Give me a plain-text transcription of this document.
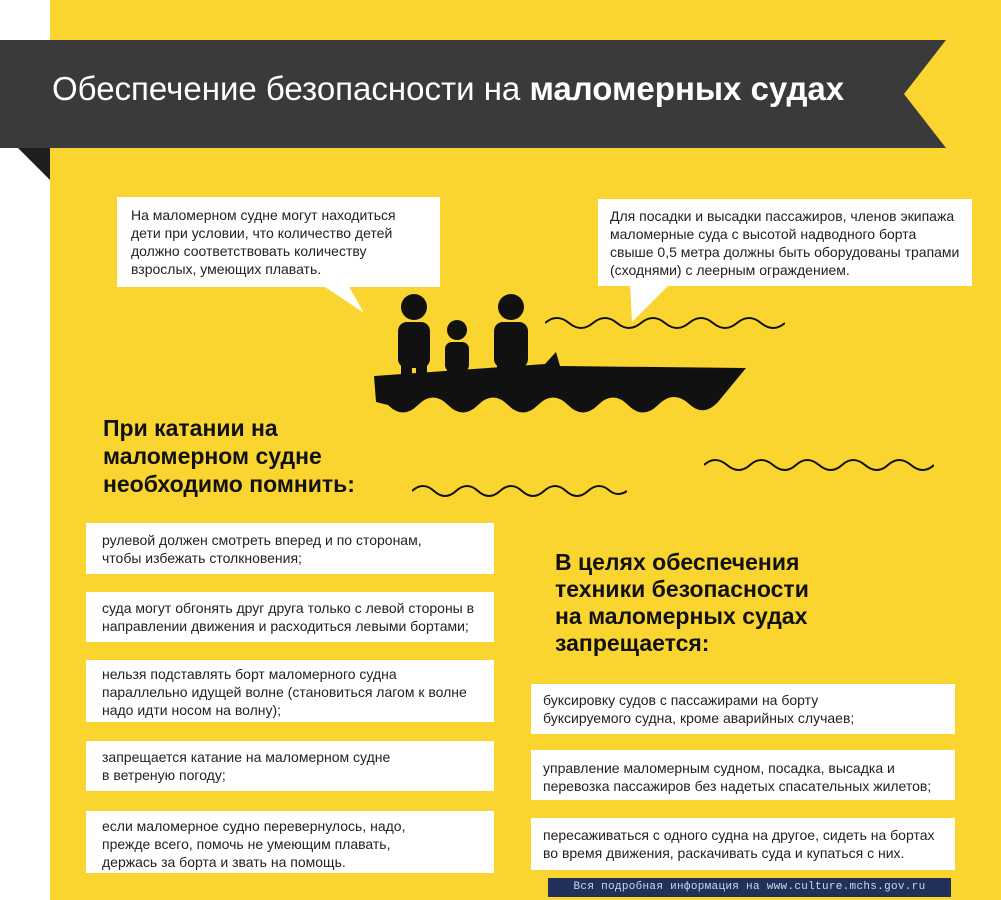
Обеспечение безопасности на маломерных судах

На маломерном судне могут находиться дети при условии, что количество детей должно соответствовать количеству взрослых, умеющих плавать.

Для посадки и высадки пассажиров, членов экипажа маломерные суда с высотой надводного борта свыше 0,5 метра должны быть оборудованы трапами (сходнями) с леерным ограждением.

При катании на
маломерном судне
необходимо помнить:

рулевой должен смотреть вперед и по сторонам,
чтобы избежать столкновения;

суда могут обгонять друг друга только с левой стороны в
направлении движения и расходиться левыми бортами;

нельзя подставлять борт маломерного судна
параллельно идущей волне (становиться лагом к волне
надо идти носом на волну);

запрещается катание на маломерном судне
в ветреную погоду;

если маломерное судно перевернулось, надо,
прежде всего, помочь не умеющим плавать,
держась за борта и звать на помощь.

В целях обеспечения
техники безопасности
на маломерных судах
запрещается:

буксировку судов с пассажирами на борту
буксируемого судна, кроме аварийных случаев;

управление маломерным судном, посадка, высадка и
перевозка пассажиров без надетых спасательных жилетов;

пересаживаться с одного судна на другое, сидеть на бортах
во время движения, раскачивать суда и купаться с них.

Вся подробная информация на www.culture.mchs.gov.ru
